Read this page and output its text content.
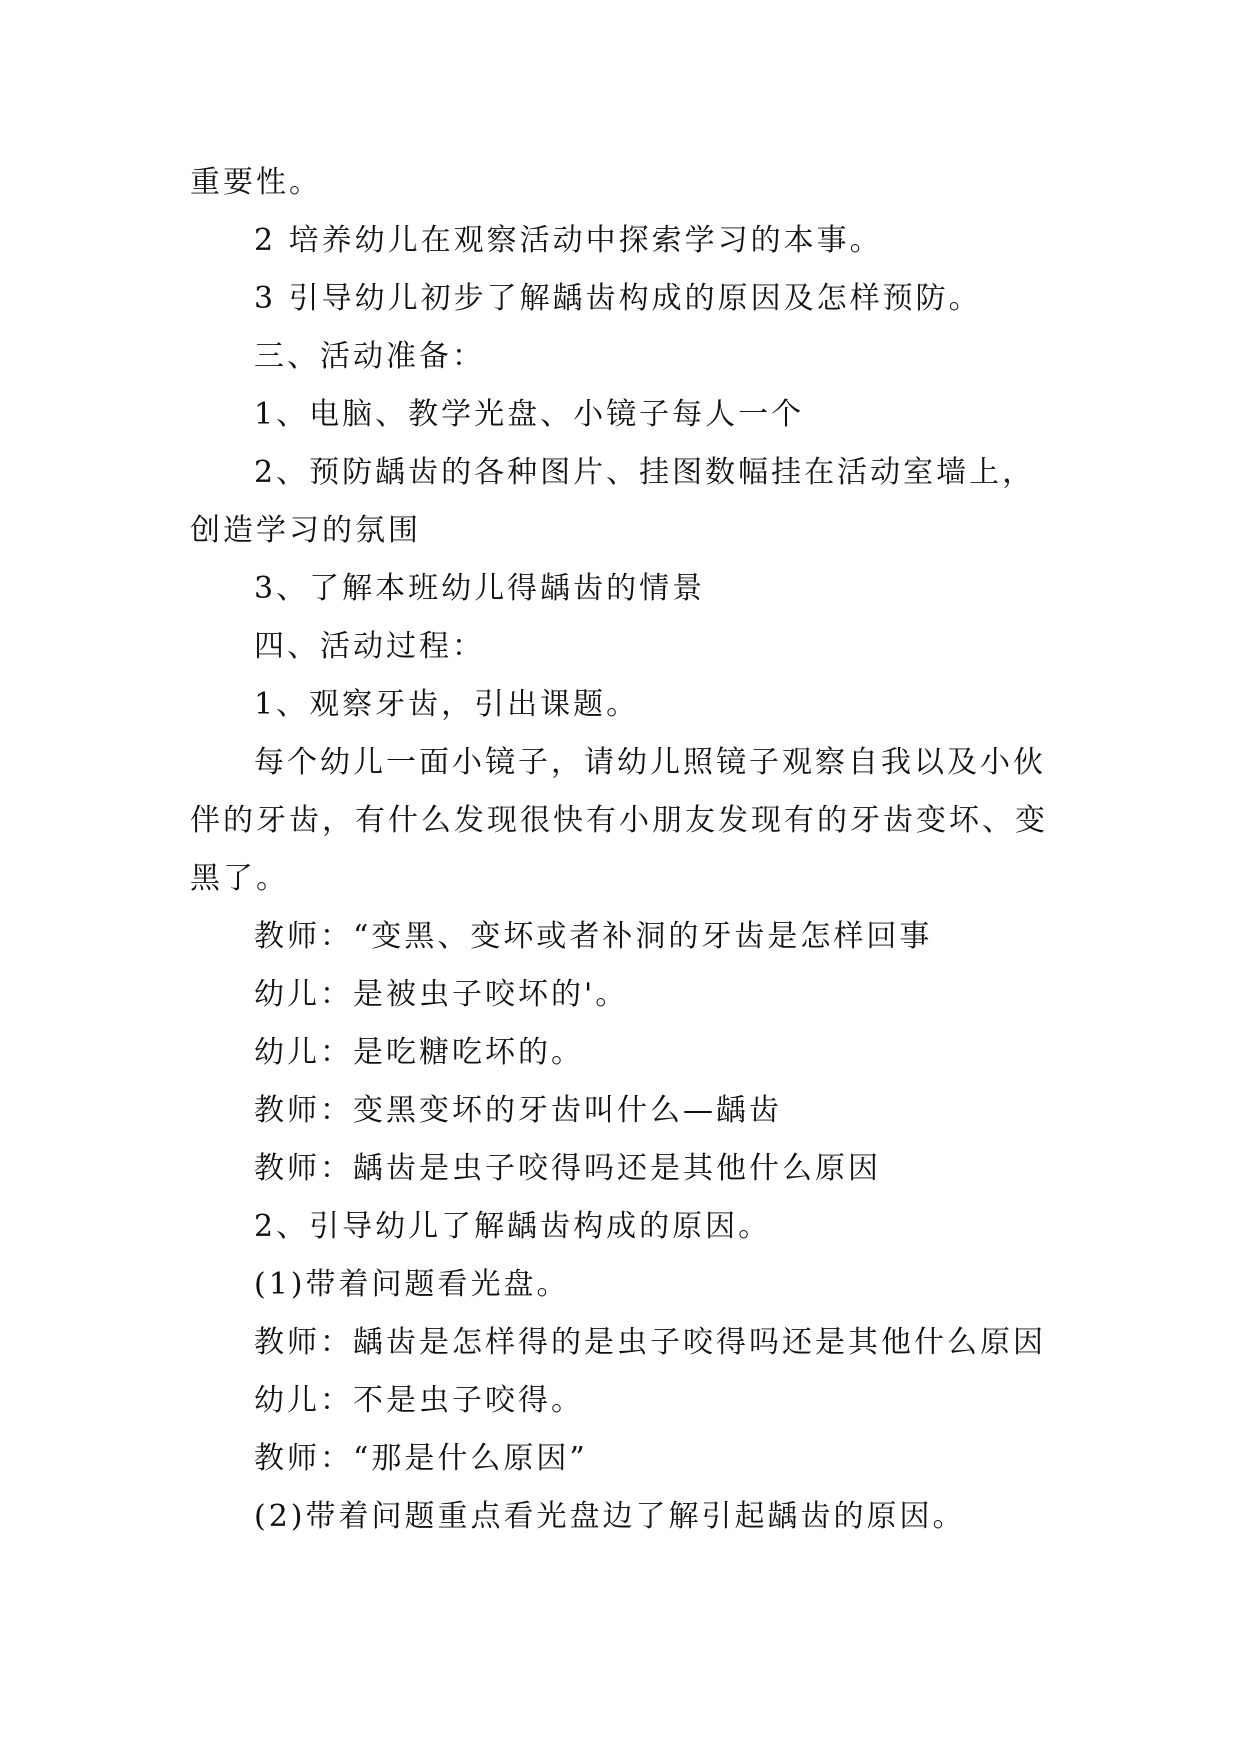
重要性。

2 培养幼儿在观察活动中探索学习的本事。

3 引导幼儿初步了解龋齿构成的原因及怎样预防。

三、活动准备：

1、电脑、教学光盘、小镜子每人一个

2、预防龋齿的各种图片、挂图数幅挂在活动室墙上，创造学习的氛围

3、了解本班幼儿得龋齿的情景

四、活动过程：

1、观察牙齿，引出课题。

每个幼儿一面小镜子，请幼儿照镜子观察自我以及小伙伴的牙齿，有什么发现很快有小朋友发现有的牙齿变坏、变黑了。

教师：“变黑、变坏或者补洞的牙齿是怎样回事

幼儿：是被虫子咬坏的'。

幼儿：是吃糖吃坏的。

教师：变黑变坏的牙齿叫什么—龋齿

教师：龋齿是虫子咬得吗还是其他什么原因

2、引导幼儿了解龋齿构成的原因。

(1)带着问题看光盘。

教师：龋齿是怎样得的是虫子咬得吗还是其他什么原因

幼儿：不是虫子咬得。

教师：“那是什么原因”

(2)带着问题重点看光盘边了解引起龋齿的原因。
